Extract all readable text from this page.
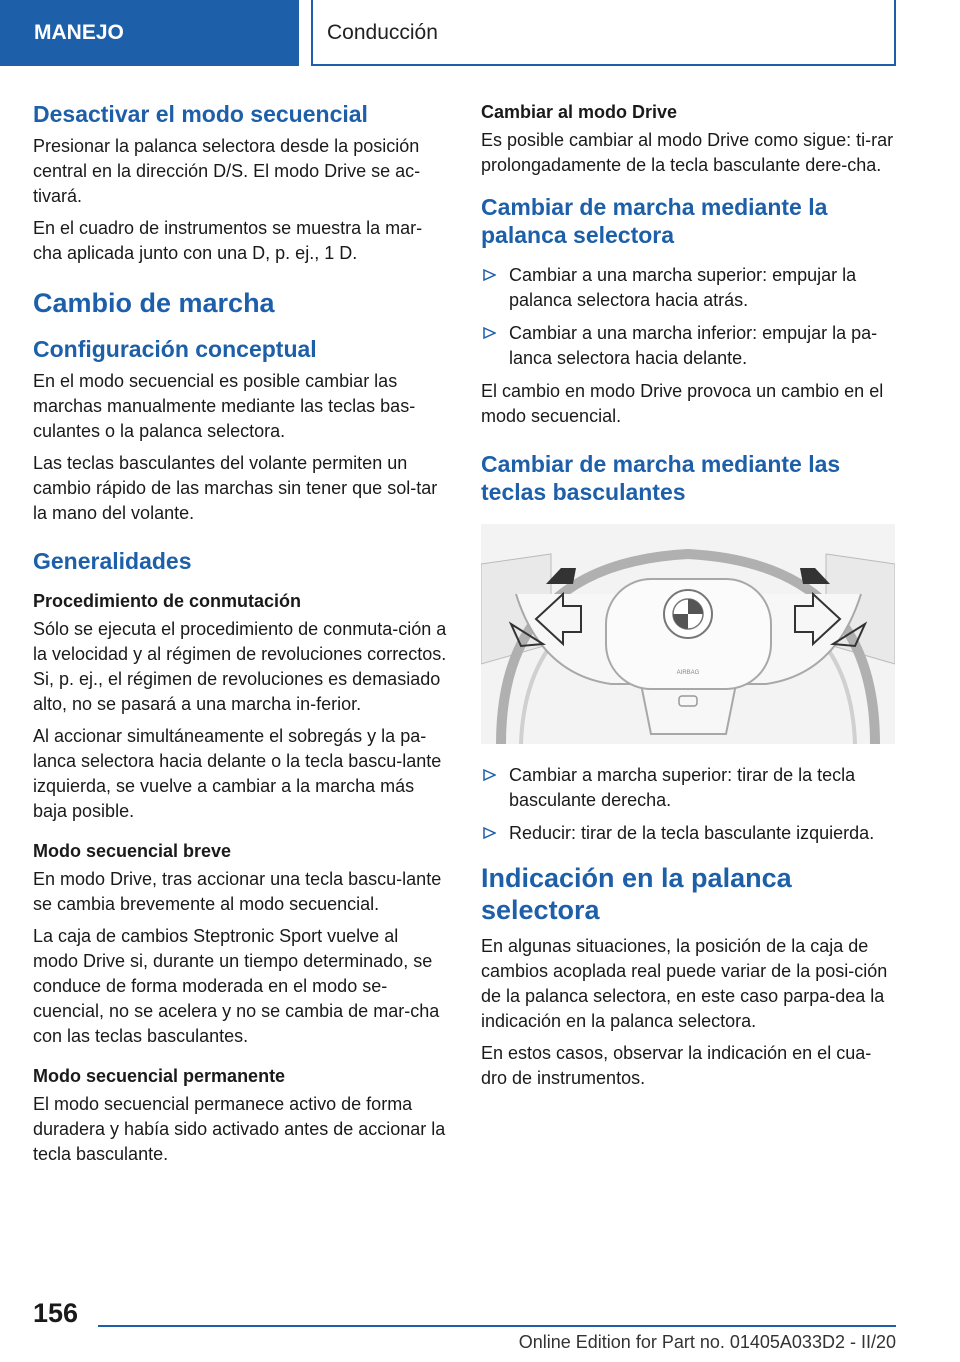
MANEJO	Conducción
Desactivar el modo secuencial

Presionar la palanca selectora desde la posición central en la dirección D/S. El modo Drive se ac‐tivará.

En el cuadro de instrumentos se muestra la mar‐cha aplicada junto con una D, p. ej., 1 D.

Cambio de marcha
Configuración conceptual

En el modo secuencial es posible cambiar las marchas manualmente mediante las teclas bas‐culantes o la palanca selectora.

Las teclas basculantes del volante permiten un cambio rápido de las marchas sin tener que sol‐tar la mano del volante.

Generalidades
Procedimiento de conmutación

Sólo se ejecuta el procedimiento de conmuta‐ción a la velocidad y al régimen de revoluciones correctos. Si, p. ej., el régimen de revoluciones es demasiado alto, no se pasará a una marcha in‐ferior.

Al accionar simultáneamente el sobregás y la pa‐lanca selectora hacia delante o la tecla bascu‐lante izquierda, se vuelve a cambiar a la marcha más baja posible.

Modo secuencial breve

En modo Drive, tras accionar una tecla bascu‐lante se cambia brevemente al modo secuencial.

La caja de cambios Steptronic Sport vuelve al modo Drive si, durante un tiempo determinado, se conduce de forma moderada en el modo se‐cuencial, no se acelera y no se cambia de mar‐cha con las teclas basculantes.

Modo secuencial permanente

El modo secuencial permanece activo de forma duradera y había sido activado antes de accionar la tecla basculante.

Cambiar al modo Drive

Es posible cambiar al modo Drive como sigue: ti‐rar prolongadamente de la tecla basculante dere‐cha.

Cambiar de marcha mediante la palanca selectora
Cambiar a una marcha superior: empujar la palanca selectora hacia atrás.
Cambiar a una marcha inferior: empujar la pa‐lanca selectora hacia delante.

El cambio en modo Drive provoca un cambio en el modo secuencial.

Cambiar de marcha mediante las teclas basculantes
AIRBAG
Cambiar a marcha superior: tirar de la tecla basculante derecha.
Reducir: tirar de la tecla basculante izquierda.
Indicación en la palanca selectora

En algunas situaciones, la posición de la caja de cambios acoplada real puede variar de la posi‐ción de la palanca selectora, en este caso parpa‐dea la indicación en la palanca selectora.

En estos casos, observar la indicación en el cua‐dro de instrumentos.

156
Online Edition for Part no. 01405A033D2 - II/20
